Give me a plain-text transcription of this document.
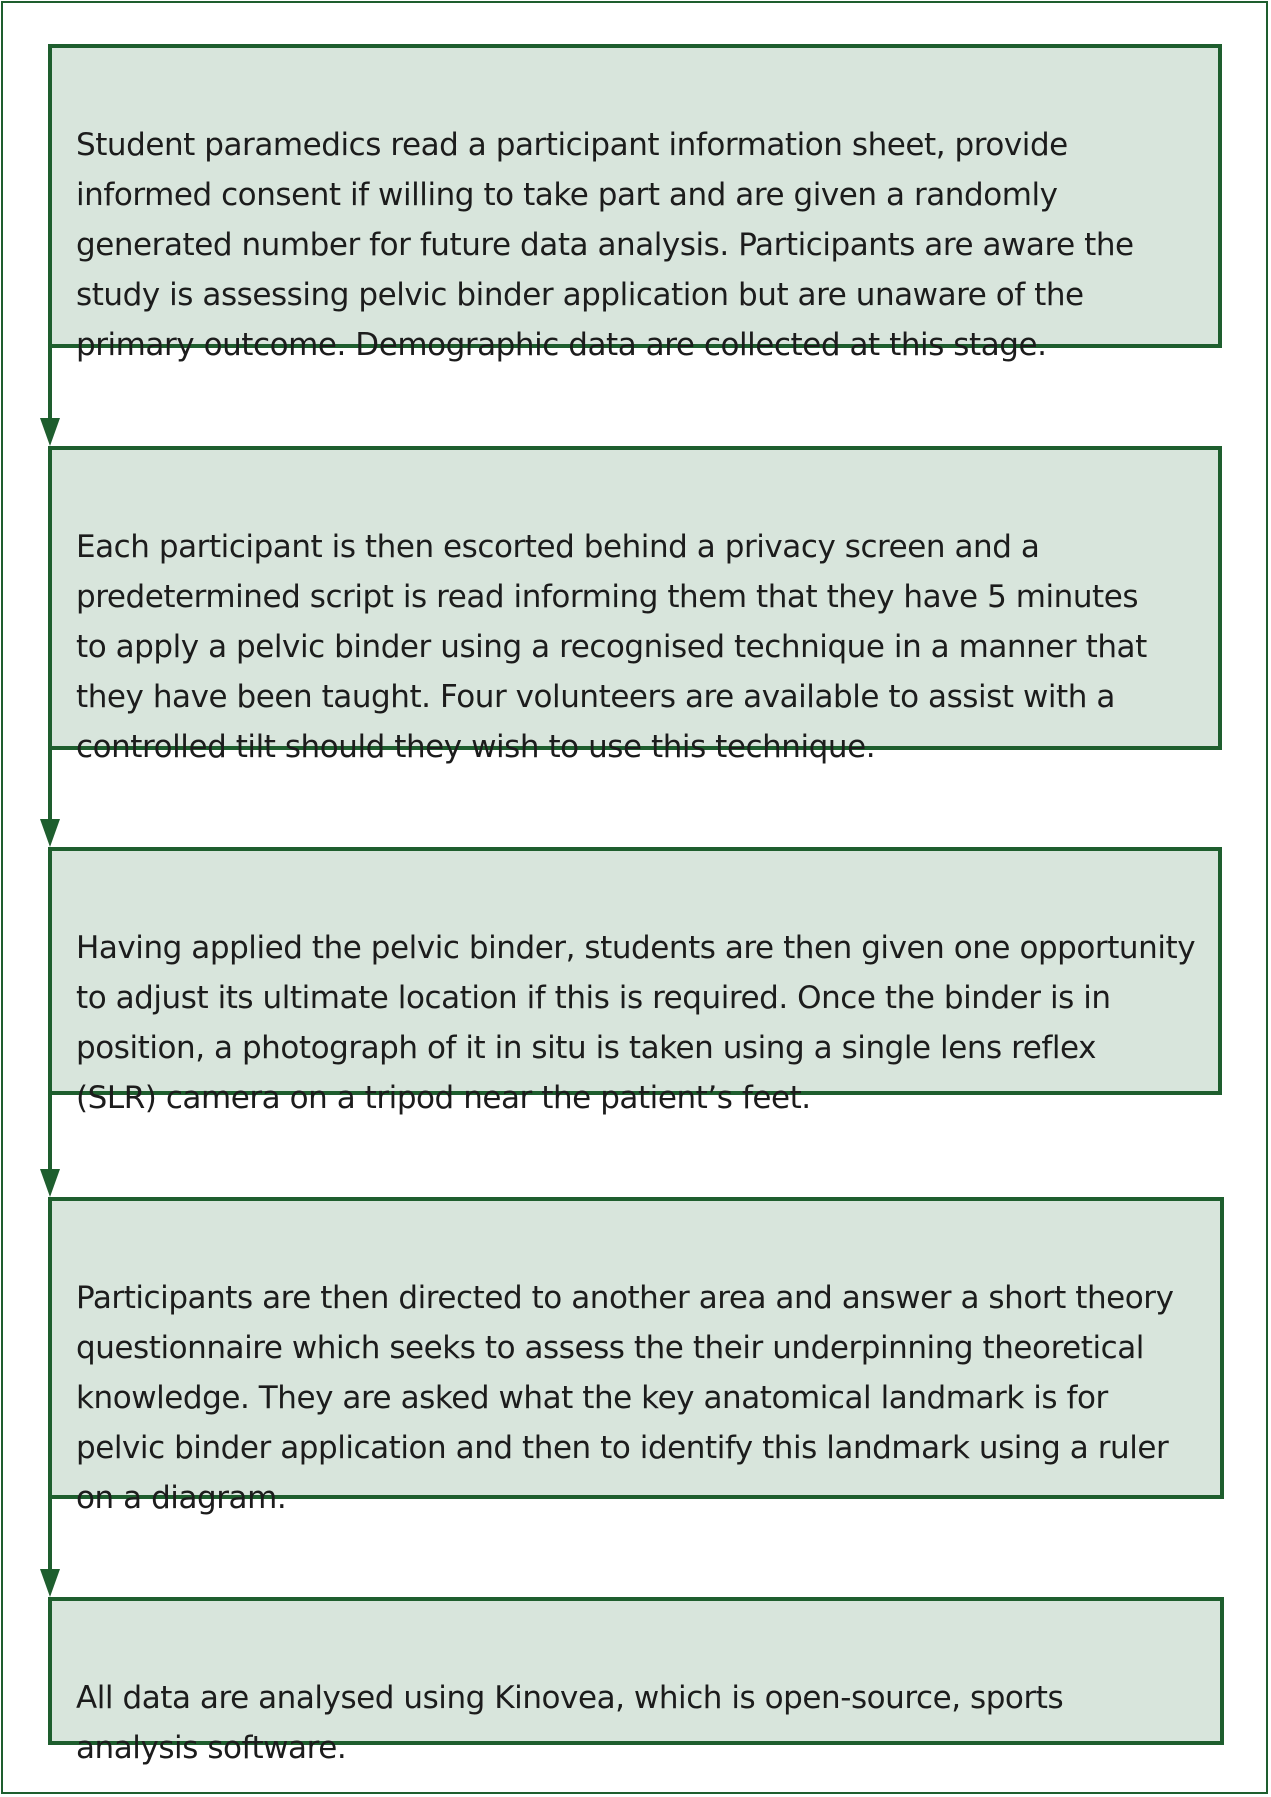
Student paramedics read a participant information sheet, provide
informed consent if willing to take part and are given a randomly
generated number for future data analysis. Participants are aware the
study is assessing pelvic binder application but are unaware of the
primary outcome. Demographic data are collected at this stage.

Each participant is then escorted behind a privacy screen and a
predetermined script is read informing them that they have 5 minutes
to apply a pelvic binder using a recognised technique in a manner that
they have been taught. Four volunteers are available to assist with a
controlled tilt should they wish to use this technique.

Having applied the pelvic binder, students are then given one opportunity
to adjust its ultimate location if this is required. Once the binder is in
position, a photograph of it in situ is taken using a single lens reflex
(SLR) camera on a tripod near the patient’s feet.

Participants are then directed to another area and answer a short theory
questionnaire which seeks to assess the their underpinning theoretical
knowledge. They are asked what the key anatomical landmark is for
pelvic binder application and then to identify this landmark using a ruler
on a diagram.

All data are analysed using Kinovea, which is open-source, sports
analysis software.
